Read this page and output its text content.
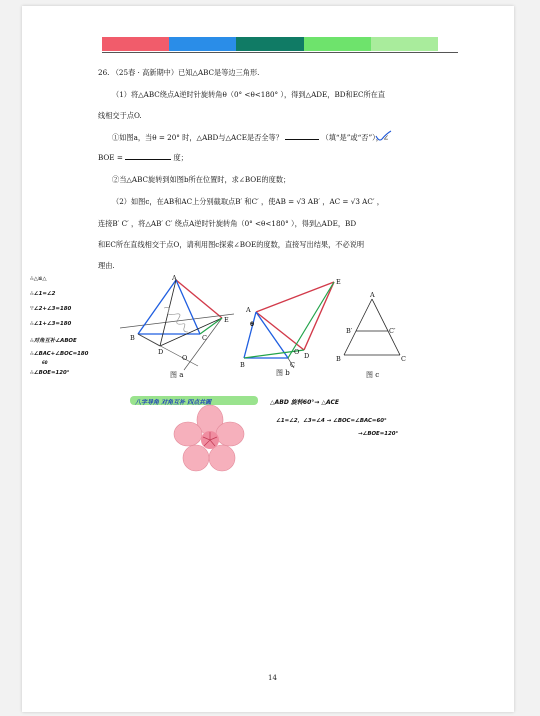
26. （25春 · 高新期中）已知△ABC是等边三角形.
（1）将△ABC绕点A逆时针旋转角θ（0° <θ<180° ），得到△ADE，BD和EC所在直
线相交于点O.
①如图a，当θ = 20° 时，△ABD与△ACE是否全等？	（填“是”或“否”），∠
BOE =	度；
②当△ABC旋转到如图b所在位置时，求∠BOE的度数；
（2）如图c，在AB和AC上分别截取点B′ 和C′ ，使AB = √3 AB′ ，AC = √3 AC′ ，
连接B′ C′ ，将△AB′ C′ 绕点A逆时针旋转角（0° <θ<180° ），得到△ADE，BD
和EC所在直线相交于点O，请利用图c探索∠BOE的度数，直接写出结果，不必说明
理由.
A
B	C
D
E
O
图 a
A
B	C
D
E
O
θ
图 b
A
B′	C′
B	C
图 c
∴△≌△
∴∠1=∠2
∵∠2+∠3=180
∴∠1+∠3=180
∴对角互补∠ABOE
∴∠BAC+∠BOC=180
60
∴∠BOE=120°
八字导角 对角互补 四点共圆	△ABD 旋转60°→ △ACE
∠1=∠2，∠3=∠4 → ∠BOC=∠BAC=60°
→∠BOE=120°
14
